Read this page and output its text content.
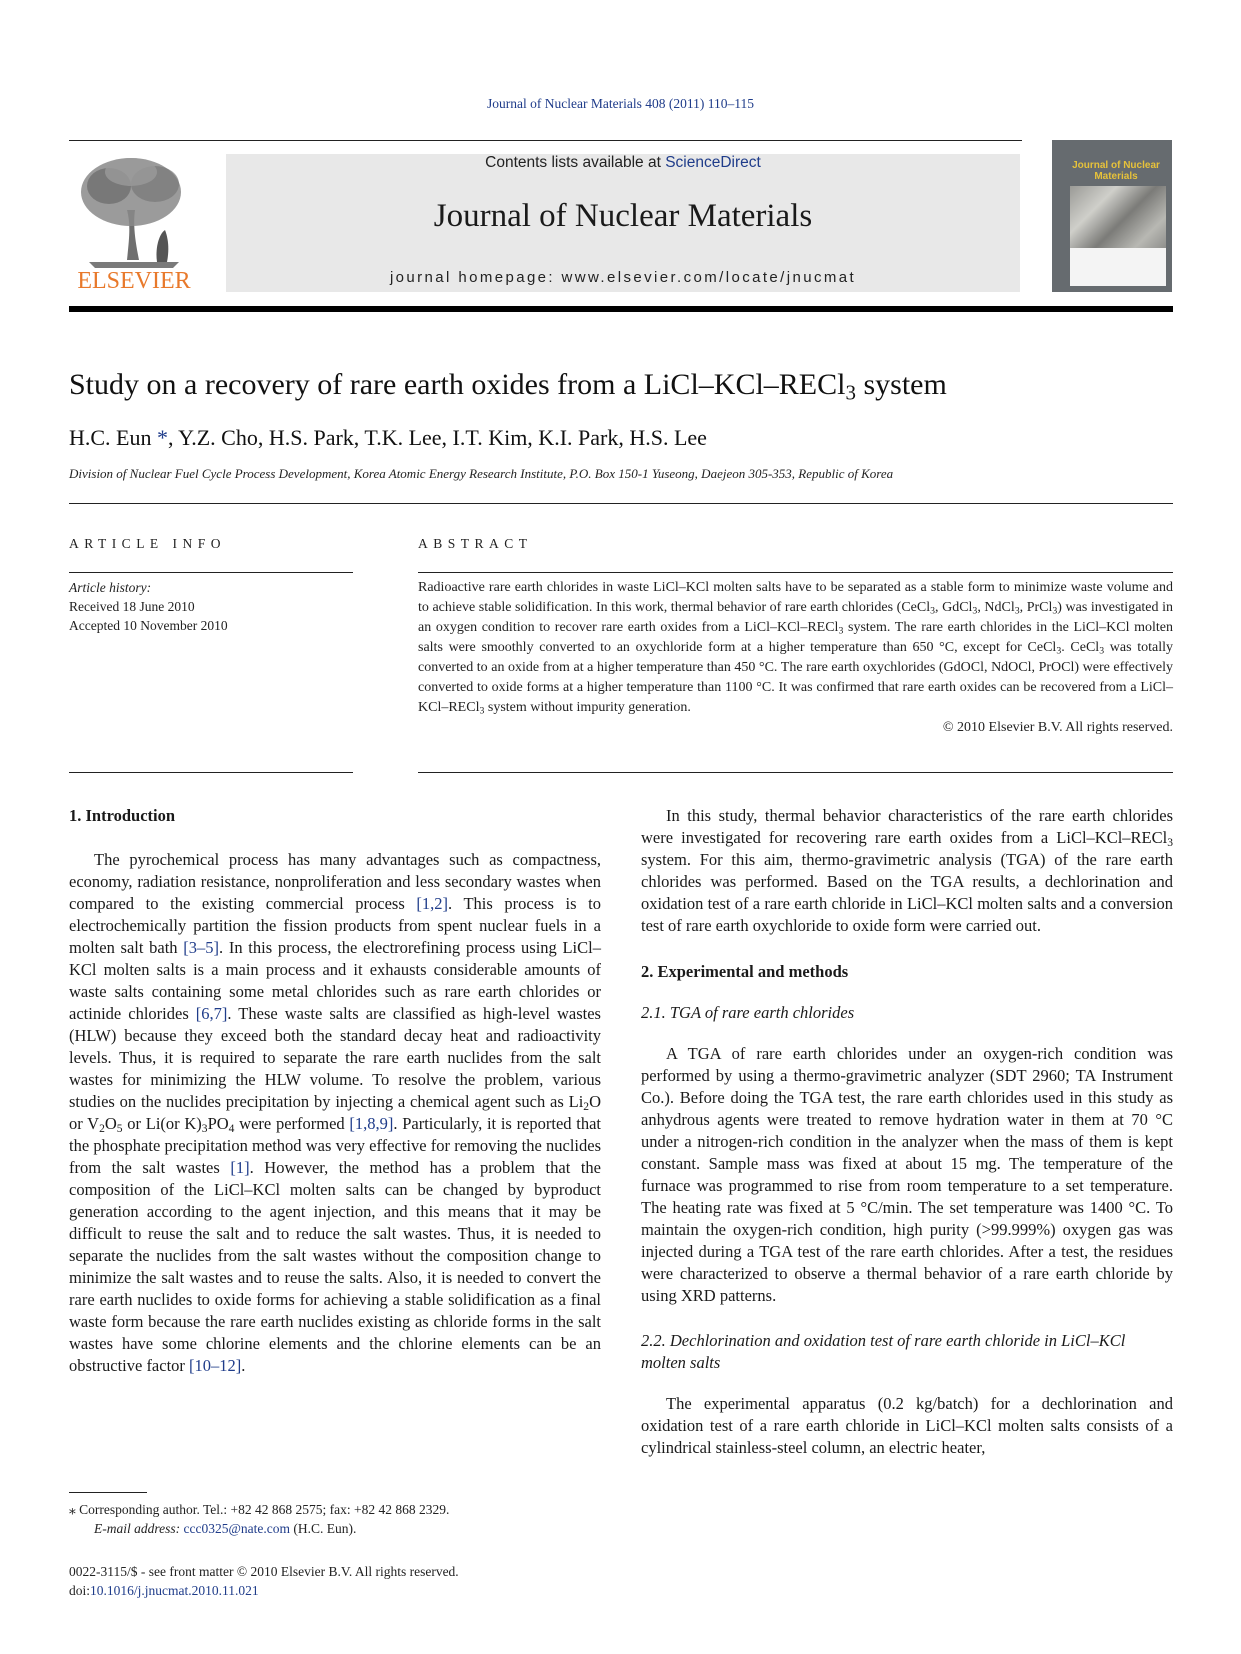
Journal of Nuclear Materials 408 (2011) 110–115
ELSEVIER
Contents lists available at ScienceDirect
Journal of Nuclear Materials
journal homepage: www.elsevier.com/locate/jnucmat
Journal of Nuclear Materials
Study on a recovery of rare earth oxides from a LiCl–KCl–RECl$_3$ system
H.C. Eun *, Y.Z. Cho, H.S. Park, T.K. Lee, I.T. Kim, K.I. Park, H.S. Lee
Division of Nuclear Fuel Cycle Process Development, Korea Atomic Energy Research Institute, P.O. Box 150-1 Yuseong, Daejeon 305-353, Republic of Korea
ARTICLE INFO	ABSTRACT
Article history:
Received 18 June 2010
Accepted 10 November 2010
Radioactive rare earth chlorides in waste LiCl–KCl molten salts have to be separated as a stable form to minimize waste volume and to achieve stable solidification. In this work, thermal behavior of rare earth chlorides (CeCl$_3$, GdCl$_3$, NdCl$_3$, PrCl$_3$) was investigated in an oxygen condition to recover rare earth oxides from a LiCl–KCl–RECl$_3$ system. The rare earth chlorides in the LiCl–KCl molten salts were smoothly converted to an oxychloride form at a higher temperature than 650 °C, except for CeCl$_3$. CeCl$_3$ was totally converted to an oxide from at a higher temperature than 450 °C. The rare earth oxychlorides (GdOCl, NdOCl, PrOCl) were effectively converted to oxide forms at a higher temperature than 1100 °C. It was confirmed that rare earth oxides can be recovered from a LiCl–KCl–RECl$_3$ system without impurity generation.
© 2010 Elsevier B.V. All rights reserved.
1. Introduction

The pyrochemical process has many advantages such as compactness, economy, radiation resistance, nonproliferation and less secondary wastes when compared to the existing commercial process [1,2]. This process is to electrochemically partition the fission products from spent nuclear fuels in a molten salt bath [3–5]. In this process, the electrorefining process using LiCl–KCl molten salts is a main process and it exhausts considerable amounts of waste salts containing some metal chlorides such as rare earth chlorides or actinide chlorides [6,7]. These waste salts are classified as high-level wastes (HLW) because they exceed both the standard decay heat and radioactivity levels. Thus, it is required to separate the rare earth nuclides from the salt wastes for minimizing the HLW volume. To resolve the problem, various studies on the nuclides precipitation by injecting a chemical agent such as $Li_2O$ or $V_2O_5$ or Li(or $K)_3PO_4$ were performed [1,8,9]. Particularly, it is reported that the phosphate precipitation method was very effective for removing the nuclides from the salt wastes [1]. However, the method has a problem that the composition of the LiCl–KCl molten salts can be changed by byproduct generation according to the agent injection, and this means that it may be difficult to reuse the salt and to reduce the salt wastes. Thus, it is needed to separate the nuclides from the salt wastes without the composition change to minimize the salt wastes and to reuse the salts. Also, it is needed to convert the rare earth nuclides to oxide forms for achieving a stable solidification as a final waste form because the rare earth nuclides existing as chloride forms in the salt wastes have some chlorine elements and the chlorine elements can be an obstructive factor [10–12].

In this study, thermal behavior characteristics of the rare earth chlorides were investigated for recovering rare earth oxides from a LiCl–KCl–RECl$_3$ system. For this aim, thermo-gravimetric analysis (TGA) of the rare earth chlorides was performed. Based on the TGA results, a dechlorination and oxidation test of a rare earth chloride in LiCl–KCl molten salts and a conversion test of rare earth oxychloride to oxide form were carried out.

2. Experimental and methods
2.1. TGA of rare earth chlorides

A TGA of rare earth chlorides under an oxygen-rich condition was performed by using a thermo-gravimetric analyzer (SDT 2960; TA Instrument Co.). Before doing the TGA test, the rare earth chlorides used in this study as anhydrous agents were treated to remove hydration water in them at 70 °C under a nitrogen-rich condition in the analyzer when the mass of them is kept constant. Sample mass was fixed at about 15 mg. The temperature of the furnace was programmed to rise from room temperature to a set temperature. The heating rate was fixed at 5 °C/min. The set temperature was 1400 °C. To maintain the oxygen-rich condition, high purity (>99.999%) oxygen gas was injected during a TGA test of the rare earth chlorides. After a test, the residues were characterized to observe a thermal behavior of a rare earth chloride by using XRD patterns.

2.2. Dechlorination and oxidation test of rare earth chloride in LiCl–KCl molten salts

The experimental apparatus (0.2 kg/batch) for a dechlorination and oxidation test of a rare earth chloride in LiCl–KCl molten salts consists of a cylindrical stainless-steel column, an electric heater,

⁎ Corresponding author. Tel.: +82 42 868 2575; fax: +82 42 868 2329.
E-mail address: ccc0325@nate.com (H.C. Eun).
0022-3115/$ - see front matter © 2010 Elsevier B.V. All rights reserved.
doi:10.1016/j.jnucmat.2010.11.021
